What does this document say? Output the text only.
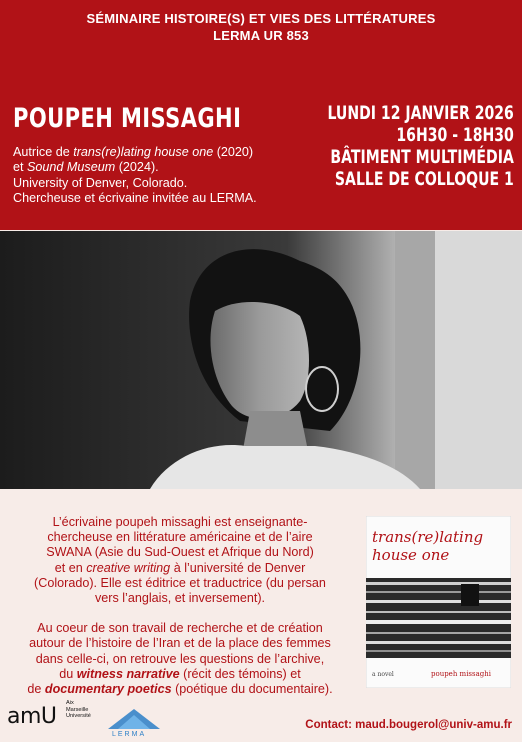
SÉMINAIRE HISTOIRE(S) ET VIES DES LITTÉRATURES
LERMA UR 853
POUPEH MISSAGHI
Autrice de trans(re)lating house one (2020)
et Sound Museum (2024).
University of Denver, Colorado.
Chercheuse et écrivaine invitée au LERMA.
LUNDI 12 JANVIER 2026
16H30 - 18H30
BÂTIMENT MULTIMÉDIA
SALLE DE COLLOQUE 1

L’écrivaine poupeh missaghi est enseignante-
chercheuse en littérature américaine et de l’aire
SWANA (Asie du Sud-Ouest et Afrique du Nord)
et en creative writing à l’université de Denver
(Colorado). Elle est éditrice et traductrice (du persan
vers l’anglais, et inversement).

Au coeur de son travail de recherche et de création
autour de l’histoire de l’Iran et de la place des femmes
dans celle-ci, on retrouve les questions de l’archive,
du witness narrative (récit des témoins) et
de documentary poetics (poétique du documentaire).

trans(re)lating
house one
a novel	poupeh missaghi
amU
Aix
Marseille
Université
LERMA
Contact: maud.bougerol@univ-amu.fr
